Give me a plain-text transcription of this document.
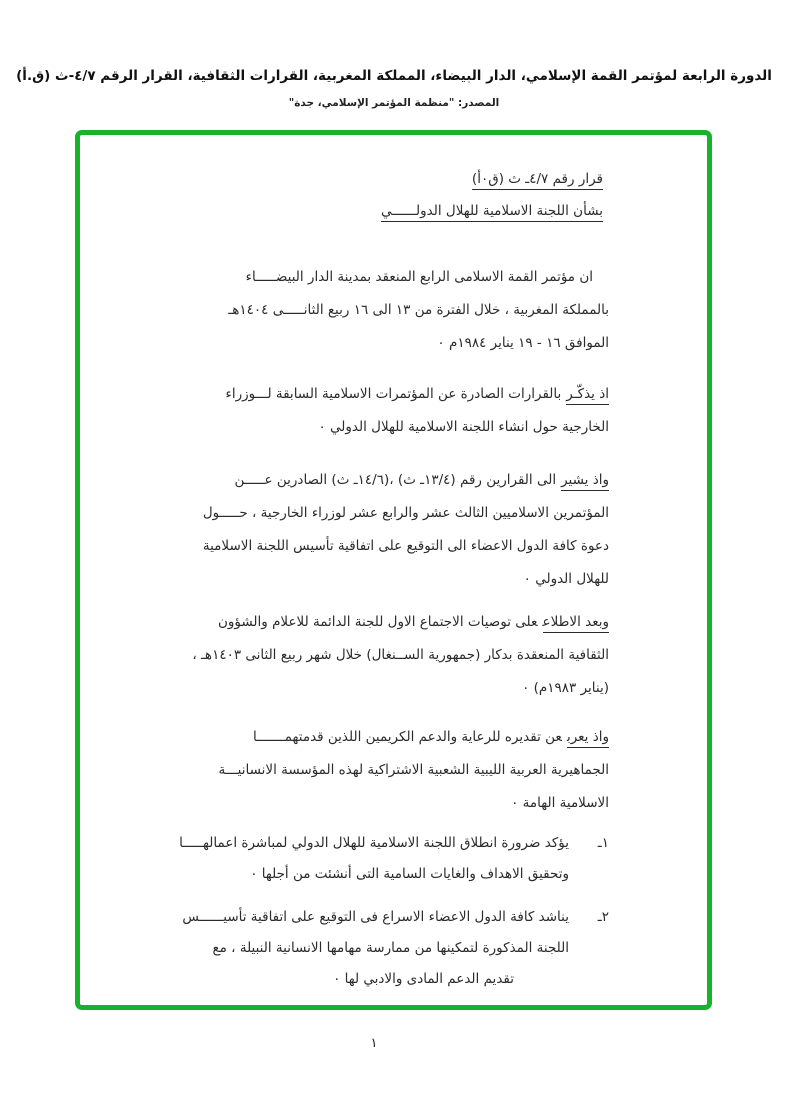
الدورة الرابعة لمؤتمر القمة الإسلامي، الدار البيضاء، المملكة المغربية، القرارات الثقافية، القرار الرقم ٤/٧-ث (ق.أ)
المصدر: "منظمة المؤتمر الإسلامي، جدة"
قرار رقم ٤/٧ـ ث (ق٠أ)
بشأن اللجنة الاسلامية للهلال الدولــــــي
ان مؤتمر القمة الاسلامى الرابع المنعقد بمدينة الدار البيضـــــاء
بالمملكة المغربية ، خلال الفترة من ١٣ الى ١٦ ربيع الثانـــــى ١٤٠٤هـ
الموافق ١٦ - ١٩ يناير ١٩٨٤م ٠
اذ يذكّـربالقرارات الصادرة عن المؤتمرات الاسلامية السابقة لـــوزراء
الخارجية حول انشاء اللجنة الاسلامية للهلال الدولي ٠
واذ يشيرالى القرارين رقم (١٣/٤ـ ث) ،(١٤/٦ـ ث) الصادرين عـــــن
المؤتمرين الاسلاميين الثالث عشر والرابع عشر لوزراء الخارجية ، حـــــول
دعوة كافة الدول الاعضاء الى التوقيع على اتفاقية تأسيس اللجنة الاسلامية
للهلال الدولي ٠
وبعد الاطلاععلى توصيات الاجتماع الاول للجنة الدائمة للاعلام والشؤون
الثقافية المنعقدة بدكار (جمهورية الســنغال) خلال شهر ربيع الثانى ١٤٠٣هـ ،
(يناير ١٩٨٣م) ٠
واذ يعربعن تقديره للرعاية والدعم الكريمين اللذين قدمتهمـــــــا
الجماهيرية العربية الليبية الشعبية الاشتراكية لهذه المؤسسة الانسانيـــة
الاسلامية الهامة ٠
١ـيؤكد ضرورة انطلاق اللجنة الاسلامية للهلال الدولي لمباشرة اعمالهـــــا
وتحقيق الاهداف والغايات السامية التى أنشئت من أجلها ٠
٢ـيناشد كافة الدول الاعضاء الاسراع فى التوقيع على اتفاقية تأسيــــــس
اللجنة المذكورة لتمكينها من ممارسة مهامها الانسانية النبيلة ، مع
تقديم الدعم المادى والادبي لها ٠
١
